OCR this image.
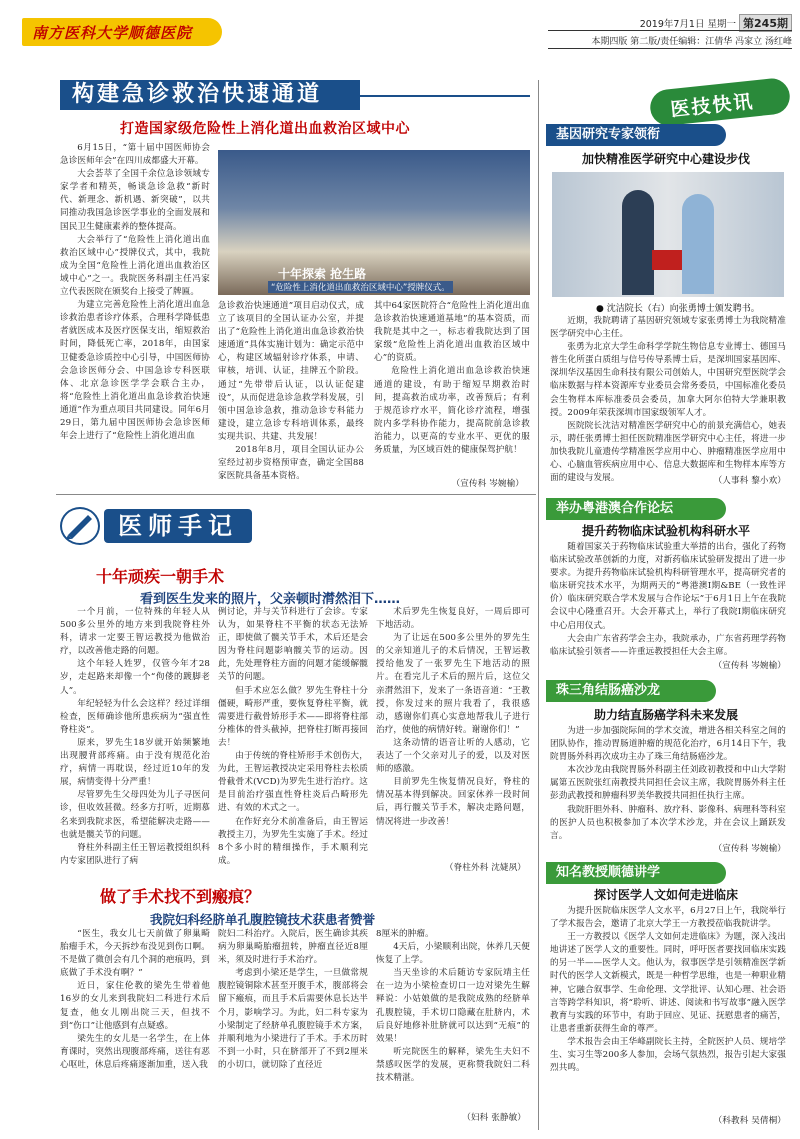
南方医科大学顺德医院	2019年7月1日 星期一 第245期
本期四版 第二版/责任编辑：江倩华 冯家立 汤红峰
构建急诊救治快速通道
打造国家级危险性上消化道出血救治区域中心

6月15日，“第十届中国医师协会急诊医师年会”在四川成都盛大开幕。

大会荟萃了全国千余位急诊领域专家学者和精英，畅谈急诊急救“新时代、新理念、新机遇、新突破”，以共同推动我国急诊医学事业的全面发展和国民卫生健康素养的整体提高。

大会举行了“危险性上消化道出血救治区域中心”授牌仪式，其中，我院成为全国“危险性上消化道出血救治区域中心”之一。我院医务科副主任冯家立代表医院在颁奖台上接受了牌匾。

为建立完善危险性上消化道出血急诊救治患者诊疗体系，合理科学降低患者就医成本及医疗医保支出，缩短救治时间，降低死亡率，2018年，由国家卫健委急诊质控中心引导，中国医师协会急诊医师分会、中国急诊专科医联体、北京急诊医学学会联合主办，将“危险性上消化道出血急诊救治快速通道”作为重点项目共同建设。同年6月29日，第九届中国医师协会急诊医师年会上进行了“危险性上消化道出血

十年探索 抢生路
“危险性上消化道出血救治区域中心”授牌仪式。

急诊救治快速通道”项目启动仪式，成立了该项目的全国认证办公室，并提出了“危险性上消化道出血急诊救治快速通道”具体实施计划为：确定示范中心，构建区域辐射诊疗体系，申请、审核，培训、认证，挂牌五个阶段。通过“先带带后认证，以认证促建设”，从而促进急诊急救学科发展，引领中国急诊急救，推动急诊专科能力建设，建立急诊专科培训体系，最终实现共识、共建、共发展！

2018年8月，项目全国认证办公室经过初步资格预审查，确定全国88家医院具备基本资格。

其中64家医院符合“危险性上消化道出血急诊救治快速通道基地”的基本资质，而我院是其中之一，标志着我院达到了国家级“危险性上消化道出血救治区域中心”的资质。

危险性上消化道出血急诊救治快速通道的建设，有助于缩短早期救治时间，提高救治成功率，改善预后；有利于规范诊疗水平，简化诊疗流程，增强院内多学科协作能力，提高院前急诊救治能力，以更高的专业水平、更优的服务质量，为区域百姓的健康保驾护航！

（宣传科 岑婉榆）
医师手记
十年顽疾一朝手术
看到医生发来的照片，父亲顿时潸然泪下……

一个月前，一位特殊的年轻人从500多公里外的地方来到我院脊柱外科，请求一定要王智运教授为他做治疗，以改善他走路的问题。

这个年轻人姓罗，仅管今年才28岁，走起路来却像一个“佝偻的踱脚老人”。

年纪轻轻为什么会这样？经过详细检查，医师确诊他所患疾病为“强直性脊柱炎”。

原来，罗先生18岁就开始频繁地出现腰背部疼痛。由于没有规范化治疗，病情一再耽误，经过近10年的发展，病情变得十分严重！

尽管罗先生父母四处为儿子寻医问诊，但收效甚微。经多方打听，近期慕名来到我院求医，希望能解决走路——也就是髋关节的问题。

脊柱外科副主任王智运教授组织科内专家团队进行了病

例讨论，并与关节科进行了会诊。专家认为，如果脊柱不平衡的状态无法矫正，即使做了髋关节手术，术后还是会因为脊柱问题影响髋关节的运动。因此，先处理脊柱方面的问题才能缓解髋关节的问题。

但手术应怎么做？罗先生脊柱十分僵硬，畸形严重，要恢复脊柱平衡，就需要进行截骨矫形手术——即将脊柱部分椎体的骨头截掉，把脊柱打断再接回去！

由于传统的脊柱矫形手术创伤大，为此，王智运教授决定采用脊柱去松质骨截骨术(VCD)为罗先生进行治疗。这是目前治疗强直性脊柱炎后凸畸形先进、有效的术式之一。

在作好充分术前准备后，由王智运教授主刀，为罗先生实施了手术。经过8个多小时的精细操作，手术顺利完成。

术后罗先生恢复良好，一周后即可下地活动。

为了让远在500多公里外的罗先生的父亲知道儿子的术后情况，王智运教授给他发了一张罗先生下地活动的照片。在看完儿子术后的照片后，这位父亲潸然泪下，发来了一条语音道：“王教授，你发过来的照片我看了，我很感动，感谢你们真心实意地帮我儿子进行治疗，使他的病情好转。谢谢你们！”

这条动情的语音让听的人感动，它表达了一个父亲对儿子的爱，以及对医师的感激。

目前罗先生恢复情况良好，脊柱的情况基本得到解决。回家休养一段时间后，再行髋关节手术，解决走路问题，情况将进一步改善！

（脊柱外科 沈婕夙）
做了手术找不到瘢痕？
我院妇科经脐单孔腹腔镜技术获患者赞誉

“医生，我女儿七天前做了卵巢畸胎瘤手术，今天拆纱布没见到伤口啊。不是做了微创会有几个洞的疤痕吗，到底做了手术没有啊？”

近日，家住伦教的梁先生带着他16岁的女儿来到我院妇二科进行术后复查，他女儿刚出院三天，但找不到“伤口”让他感到有点疑惑。

梁先生的女儿是一名学生，在上体育课时，突然出现腹部疼痛，送往有恶心呕吐，休息后疼痛逐渐加重，送入我

院妇二科治疗。入院后，医生确诊其疾病为卵巢畸胎瘤扭转，肿瘤直径近8厘米，须及时进行手术治疗。

考虑到小梁还是学生，一旦做常规腹腔镜铜除术甚至开腹手术，腹部将会留下瘢痕，而且手术后需要休息长达半个月，影响学习。为此，妇二科专家为小梁制定了经脐单孔腹腔镜手术方案，并顺利地为小梁进行了手术。手术历时不到一小时，只在脐部开了不到2厘米的小切口，就切除了直径近

8厘米的肿瘤。

4天后，小梁顺利出院，休养几天便恢复了上学。

当天坐诊的术后随访专家阮靖主任在一边为小梁检查切口一边对梁先生解释说：小姑娘做的是我院成熟的经脐单孔腹腔镜，手术切口隐藏在肚脐内，术后良好地修补肚脐就可以达到“无痕”的效果！

听完院医生的解释，梁先生夫妇不禁感叹医学的发展，更称赞我院妇二科技术精湛。

（妇科 张静敏）
医技快讯
基因研究专家领衔
加快精准医学研究中心建设步伐
● 沈洁院长（右）向张勇博士颁发聘书。

近期，我院聘请了基因研究领域专家张勇博士为我院精准医学研究中心主任。

张勇为北京大学生命科学学院生物信息专业博士、德国马普生化所蛋白质组与信号传导系博士后，是深圳国家基因库、深圳华汉基因生命科技有限公司创始人，中国研究型医院学会临床数据与样本资源库专业委员会常务委员，中国标准化委员会生物样本库标准委员会委员，加拿大阿尔伯特大学兼职教授。2009年荣获深圳市国家级领军人才。

医院院长沈洁对精准医学研究中心的前景充满信心，她表示，聘任张勇博士担任医院精准医学研究中心主任，将进一步加快我院儿童遗传学精准医学应用中心、肿瘤精准医学应用中心、心脑血管疾病应用中心、信息大数据库和生物样本库等方面的建设与发展。	（人事科 黎小欢）
举办粤港澳合作论坛
提升药物临床试验机构科研水平

随着国家关于药物临床试验重大举措的出台，强化了药物临床试验改革创新的力度，对新药临床试验研发提出了进一步要求。为提升药物临床试验机构科研管理水平，提高研究者的临床研究技术水平，为期两天的“粤港澳Ⅰ期&BE（一致性评价）临床研究联合学术发展与合作论坛”于6月1日上午在我院会议中心隆重召开。大会开幕式上，举行了我院Ⅰ期临床研究中心启用仪式。

大会由广东省药学会主办，我院承办，广东省药理学药物临床试验引领者——许重远教授担任大会主席。

（宣传科 岑婉榆）
珠三角结肠癌沙龙
助力结直肠癌学科未来发展

为进一步加强院际间的学术交流，增进各相关科室之间的团队协作，推动胃肠道肿瘤的规范化治疗，6月14日下午，我院胃肠外科再次成功主办了珠三角结肠癌沙龙。

本次沙龙由我院胃肠外科副主任刘政初教授和中山大学附属第五医院张红南教授共同担任会议主席，我院胃肠外科主任彭劲武教授和肿瘤科罗美华教授共同担任执行主席。

我院肝胆外科、肿瘤科、放疗科、影像科、病理科等科室的医护人员也积极参加了本次学术沙龙，并在会议上踊跃发言。

（宣传科 岑婉榆）
知名教授顺德讲学
探讨医学人文如何走进临床

为提升医院临床医学人文水平，6月27日上午，我院举行了学术报告会，邀请了北京大学王一方教授莅临我院讲学。

王一方教授以《医学人文如何走进临床》为题，深入浅出地讲述了医学人文的重要性。同时，呼吁医者要找回临床实践的另一半——医学人文。他认为，叙事医学是引领精准医学新时代的医学人文新模式，既是一种哲学思维，也是一种职业精神，它融合叙事学、生命伦理、文学批评、认知心理、社会语言等跨学科知识，将“聆听、讲述、阅读和书写故事”融入医学教育与实践的环节中，有助于回应、见证、抚慰患者的痛苦，让患者重新获得生命的尊严。

学术报告会由王华峰副院长主持，全院医护人员、规培学生、实习生等200多人参加，会场气氛热烈，报告引起大家强烈共鸣。

（科教科 吴倩桐）
